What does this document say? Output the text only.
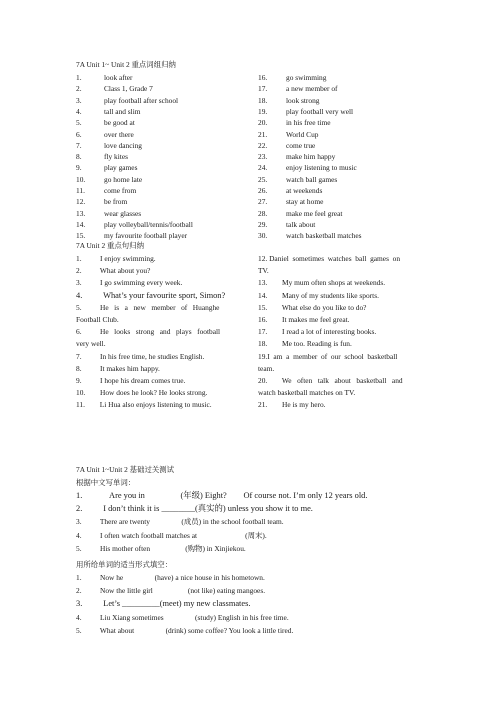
7A Unit 1~ Unit 2 重点词组归纳
1.	look after
2.	Class 1, Grade 7
3.	play football after school
4.	tall and slim
5.	be good at
6.	over there
7.	love dancing
8.	fly kites
9.	play games
10.	go home late
11.	come from
12.	be from
13.	wear glasses
14.	play volleyball/tennis/football
15.	my favourite football player
16.	go swimming
17.	a new member of
18.	look strong
19.	play football very well
20.	in his free time
21.	World Cup
22.	come true
23.	make him happy
24.	enjoy listening to music
25.	watch ball games
26.	at weekends
27.	stay at home
28.	make me feel great
29.	talk about
30.	watch basketball matches
7A Unit 2 重点句归纳
1.          I enjoy swimming.
2.          What about you?
3.          I go swimming every week.
4.          What’s your favourite sport, Simon?
5.          He   is   a   new   member   of   Huanghe
Football Club.
6.          He   looks   strong   and   plays   football
very well.
7.          In his free time, he studies English.
8.          It makes him happy.
9.          I hope his dream comes true.
10.        How does he look? He looks strong.
11.        Li Hua also enjoys listening to music.
12. Daniel  sometimes  watches  ball  games  on
TV.
13.        My mum often shops at weekends.
14.        Many of my students like sports.
15.        What else do you like to do?
16.        It makes me feel great.
17.        I read a lot of interesting books.
18.        Me too. Reading is fun.
19.I  am  a  member  of  our  school  basketball
team.
20.        We   often   talk   about   basketball   and
watch basketball matches on TV.
21.        He is my hero.
7A Unit 1~Unit 2 基础过关测试
根据中文写单词：
1.             Are you in                 (年级) Eight?        Of course not. I’m only 12 years old.
2.          I don’t think it is ________(真实的) unless you show it to me.
3.          There are twenty                 (成员) in the school football team.
4.          I often watch football matches at                          (周末).
5.          His mother often                   (购物) in Xinjiekou.
用所给单词的适当形式填空：
1.          Now he                 (have) a nice house in his hometown.
2.          Now the little girl                   (not like) eating mangoes.
3.          Let’s _________(meet) my new classmates.
4.          Liu Xiang sometimes                 (study) English in his free time.
5.          What about                 (drink) some coffee? You look a little tired.
